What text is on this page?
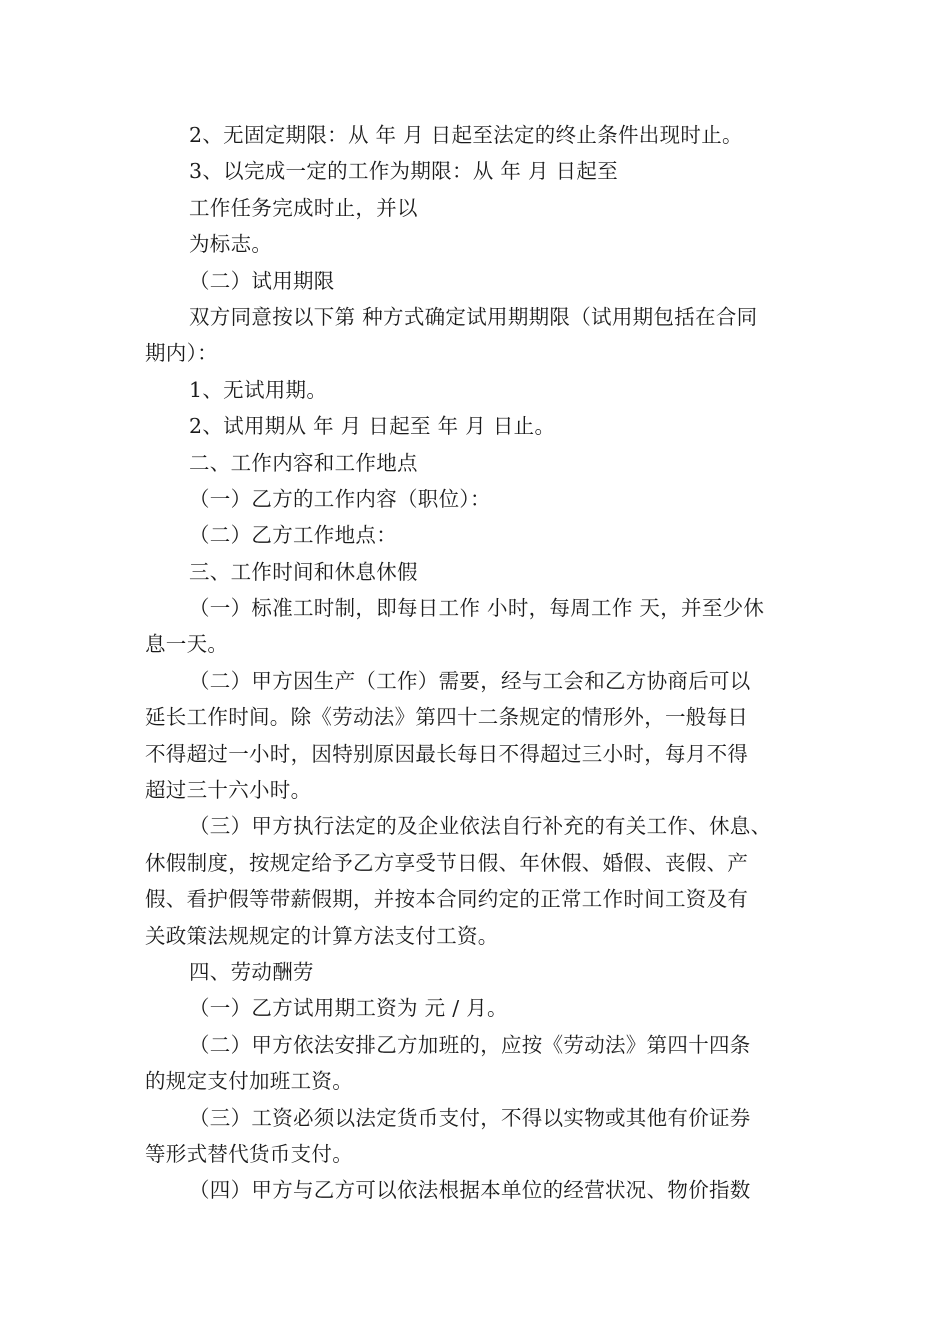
2、无固定期限：从 年 月 日起至法定的终止条件出现时止。
3、以完成一定的工作为期限：从 年 月 日起至
工作任务完成时止，并以
为标志。
（二）试用期限
双方同意按以下第 种方式确定试用期期限（试用期包括在合同
期内）：
1、无试用期。
2、试用期从 年 月 日起至 年 月 日止。
二、工作内容和工作地点
（一）乙方的工作内容（职位）：
（二）乙方工作地点：
三、工作时间和休息休假
（一）标准工时制，即每日工作 小时，每周工作 天，并至少休
息一天。
（二）甲方因生产（工作）需要，经与工会和乙方协商后可以
延长工作时间。除《劳动法》第四十二条规定的情形外，一般每日
不得超过一小时，因特别原因最长每日不得超过三小时，每月不得
超过三十六小时。
（三）甲方执行法定的及企业依法自行补充的有关工作、休息、
休假制度，按规定给予乙方享受节日假、年休假、婚假、丧假、产
假、看护假等带薪假期，并按本合同约定的正常工作时间工资及有
关政策法规规定的计算方法支付工资。
四、劳动酬劳
（一）乙方试用期工资为 元 / 月。
（二）甲方依法安排乙方加班的，应按《劳动法》第四十四条
的规定支付加班工资。
（三）工资必须以法定货币支付，不得以实物或其他有价证券
等形式替代货币支付。
（四）甲方与乙方可以依法根据本单位的经营状况、物价指数
